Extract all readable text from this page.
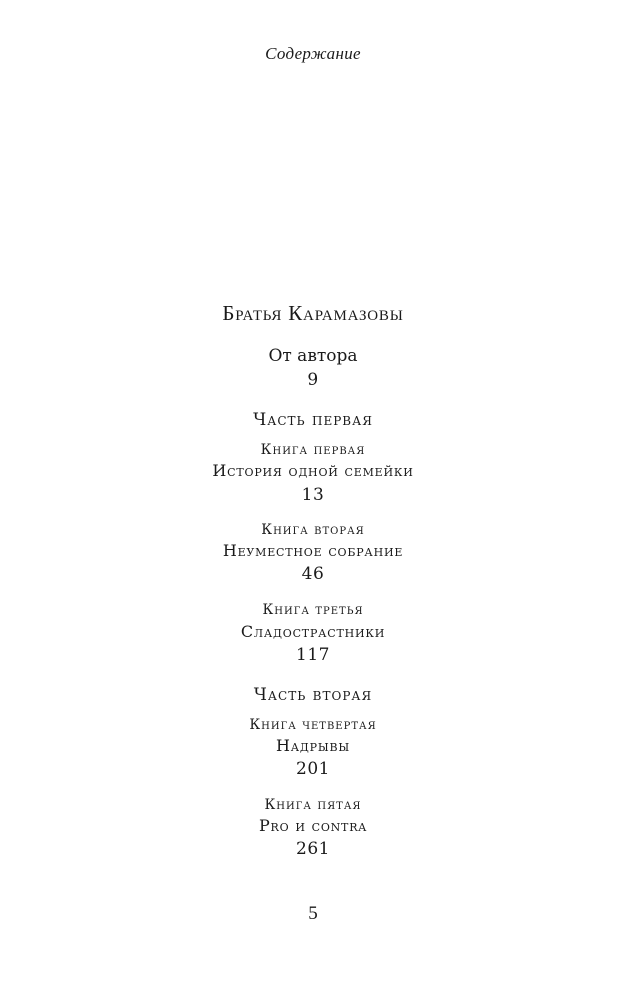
Содержание
Братья Карамазовы
От автора
9
Часть первая
Книга первая
История одной семейки
13
Книга вторая
Неуместное собрание
46
Книга третья
Сладострастники
117
Часть вторая
Книга четвертая
Надрывы
201
Книга пятая
Pro и contra
261
5
